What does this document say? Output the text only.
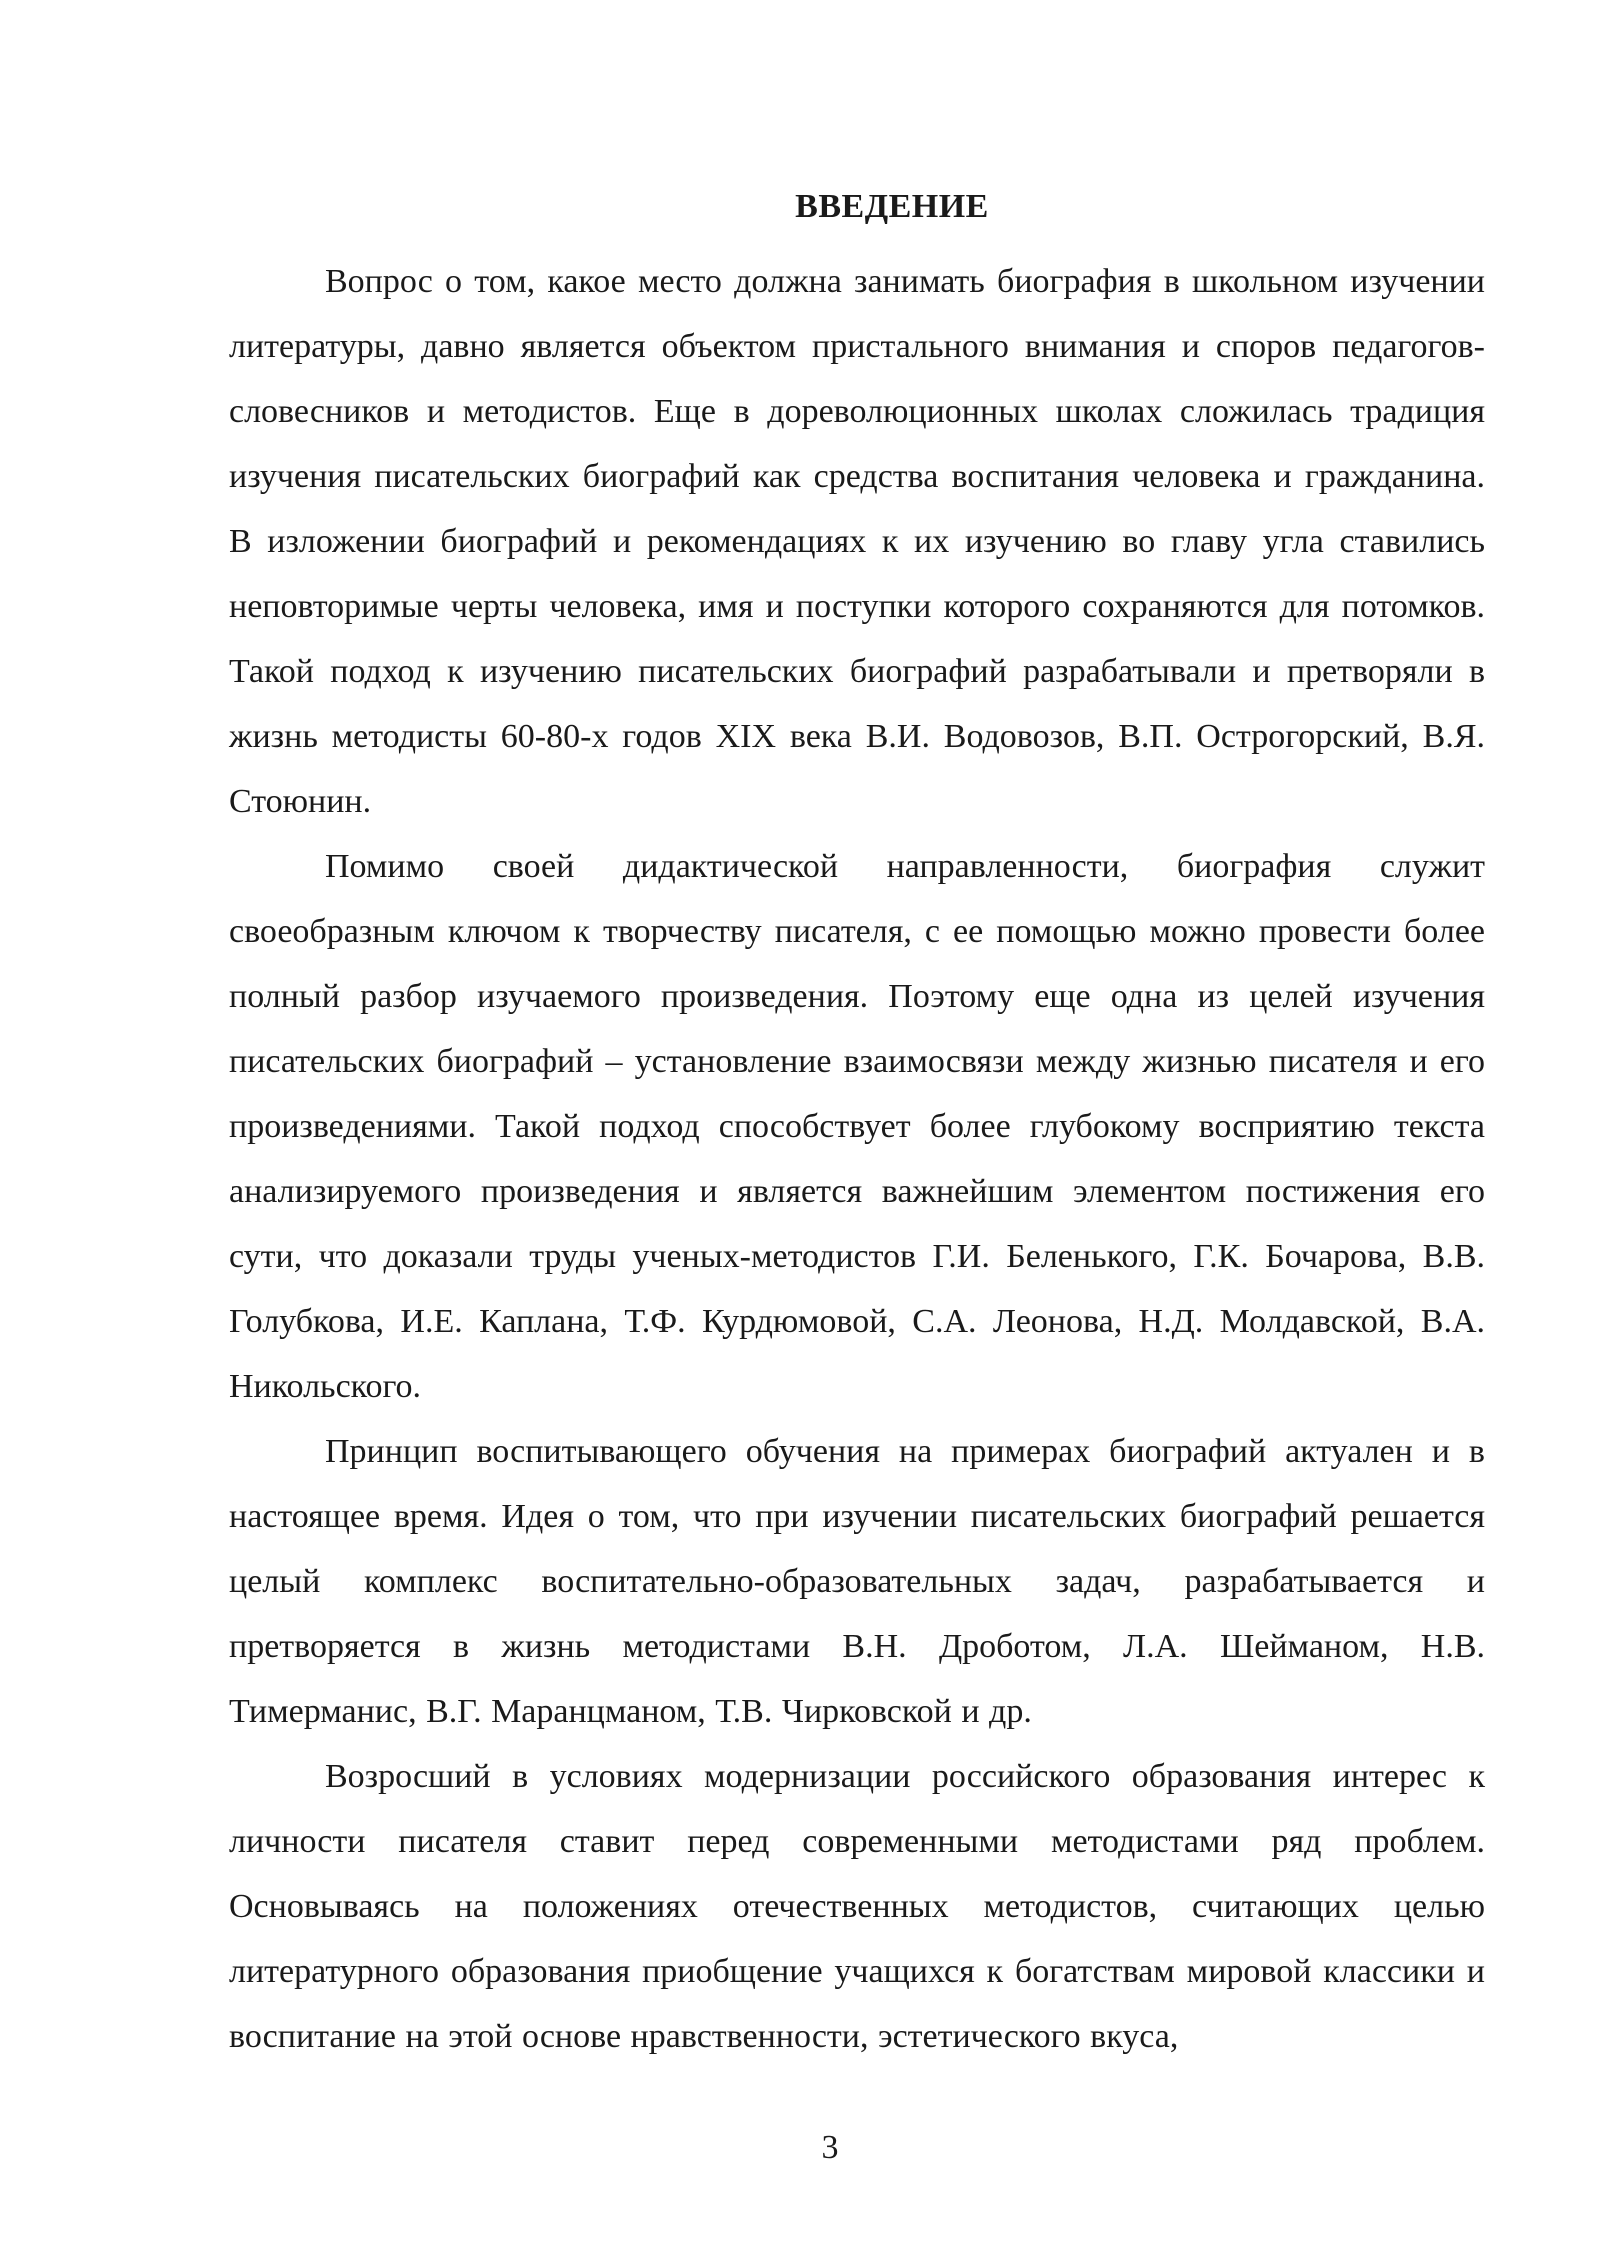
ВВЕДЕНИЕ

Вопрос о том, какое место должна занимать биография в школьном изучении литературы, давно является объектом пристального внимания и споров педагогов-словесников и методистов. Еще в дореволюционных школах сложилась традиция изучения писательских биографий как средства воспитания человека и гражданина. В изложении биографий и рекомендациях к их изучению во главу угла ставились неповторимые черты человека, имя и поступки которого сохраняются для потомков. Такой подход к изучению писательских биографий разрабатывали и претворяли в жизнь методисты 60-80-х годов XIX века В.И. Водовозов, В.П. Острогорский, В.Я. Стоюнин.

Помимо своей дидактической направленности, биография служит своеобразным ключом к творчеству писателя, с ее помощью можно провести более полный разбор изучаемого произведения. Поэтому еще одна из целей изучения писательских биографий – установление взаимосвязи между жизнью писателя и его произведениями. Такой подход способствует более глубокому восприятию текста анализируемого произведения и является важнейшим элементом постижения его сути, что доказали труды ученых-методистов Г.И. Беленького, Г.К. Бочарова, В.В. Голубкова, И.Е. Каплана, Т.Ф. Курдюмовой, С.А. Леонова, Н.Д. Молдавской, В.А. Никольского.

Принцип воспитывающего обучения на примерах биографий актуален и в настоящее время. Идея о том, что при изучении писательских биографий решается целый комплекс воспитательно-образовательных задач, разрабатывается и претворяется в жизнь методистами В.Н. Дроботом, Л.А. Шейманом, Н.В. Тимерманис, В.Г. Маранцманом, Т.В. Чирковской и др.

Возросший в условиях модернизации российского образования интерес к личности писателя ставит перед современными методистами ряд проблем. Основываясь на положениях отечественных методистов, считающих целью литературного образования приобщение учащихся к богатствам мировой классики и воспитание на этой основе нравственности, эстетического вкуса,

3
